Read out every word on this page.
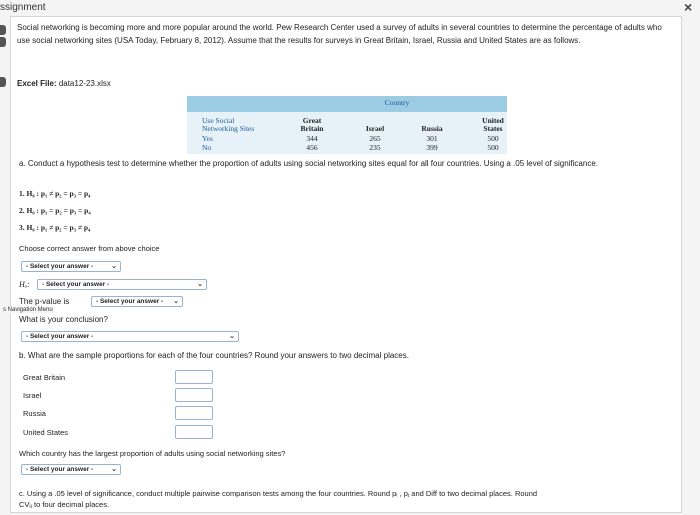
ssignment	×
Social networking is becoming more and more popular around the world. Pew Research Center used a survey of adults in several countries to determine the percentage of adults who use social networking sites (USA Today, February 8, 2012). Assume that the results for surveys in Great Britain, Israel, Russia and United States are as follows.
Excel File: data12-23.xlsx
Country
Use Social
Networking Sites
Great
Britain	Israel	Russia
United
States
Yes	344	265	301	500
No	456	235	399	500
a. Conduct a hypothesis test to determine whether the proportion of adults using social networking sites equal for all four countries. Using a .05 level of significance.
1. H₀ : p₁ ≠ p₂ = p₃ = p₄
2. H₀ : p₁ = p₂ = p₃ = p₄
3. H₀ : p₁ ≠ p₂ = p₃ ≠ p₄
Choose correct answer from above choice
- Select your answer -	⌄
Hₐ:	- Select your answer -	⌄
The p-value is	- Select your answer - ⌄
s Navigation Menu
What is your conclusion?
- Select your answer -	⌄
b. What are the sample proportions for each of the four countries? Round your answers to two decimal places.
Great Britain
Israel
Russia
United States
Which country has the largest proportion of adults using social networking sites?
- Select your answer -	⌄
c. Using a .05 level of significance, conduct multiple pairwise comparison tests among the four countries. Round pᵢ , pⱼ and Diff to two decimal places. Round
CVᵢⱼ to four decimal places.
